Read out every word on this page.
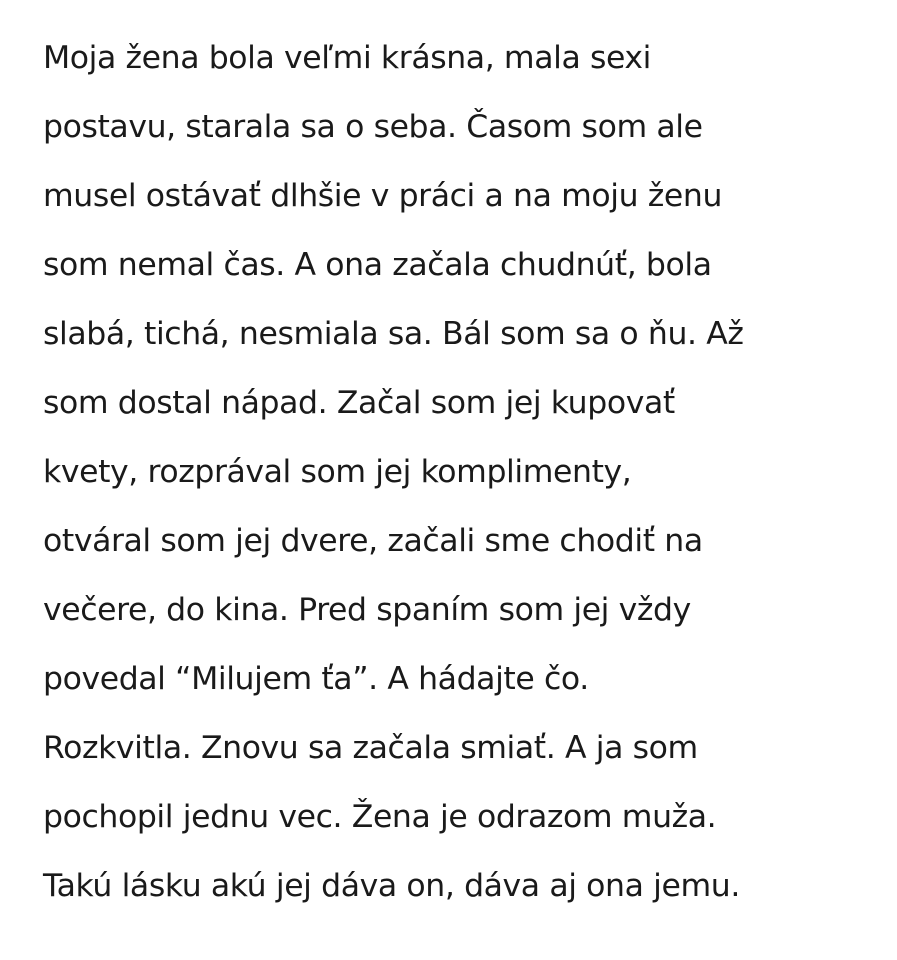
Moja žena bola veľmi krásna, mala sexi
postavu, starala sa o seba. Časom som ale
musel ostávať dlhšie v práci a na moju ženu
som nemal čas. A ona začala chudnúť, bola
slabá, tichá, nesmiala sa. Bál som sa o ňu. Až
som dostal nápad. Začal som jej kupovať
kvety, rozprával som jej komplimenty,
otváral som jej dvere, začali sme chodiť na
večere, do kina. Pred spaním som jej vždy
povedal “Milujem ťa”. A hádajte čo.
Rozkvitla. Znovu sa začala smiať. A ja som
pochopil jednu vec. Žena je odrazom muža.
Takú lásku akú jej dáva on, dáva aj ona jemu.
